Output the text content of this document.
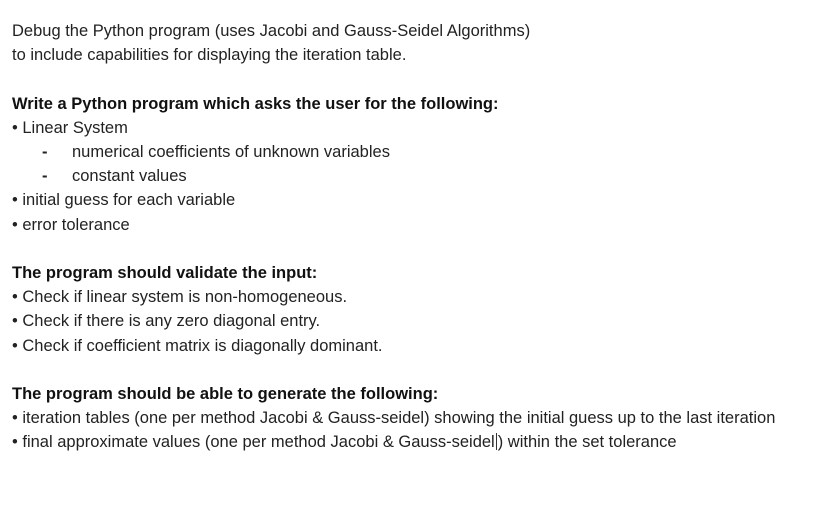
Debug the Python program (uses Jacobi and Gauss-Seidel Algorithms)
to include capabilities for displaying the iteration table.
Write a Python program which asks the user for the following:
• Linear System
- numerical coefficients of unknown variables
- constant values
• initial guess for each variable
• error tolerance
The program should validate the input:
• Check if linear system is non-homogeneous.
• Check if there is any zero diagonal entry.
• Check if coefficient matrix is diagonally dominant.
The program should be able to generate the following:
• iteration tables (one per method Jacobi & Gauss-seidel) showing the initial guess up to the last iteration
• final approximate values (one per method Jacobi & Gauss-seidel ) within the set tolerance
